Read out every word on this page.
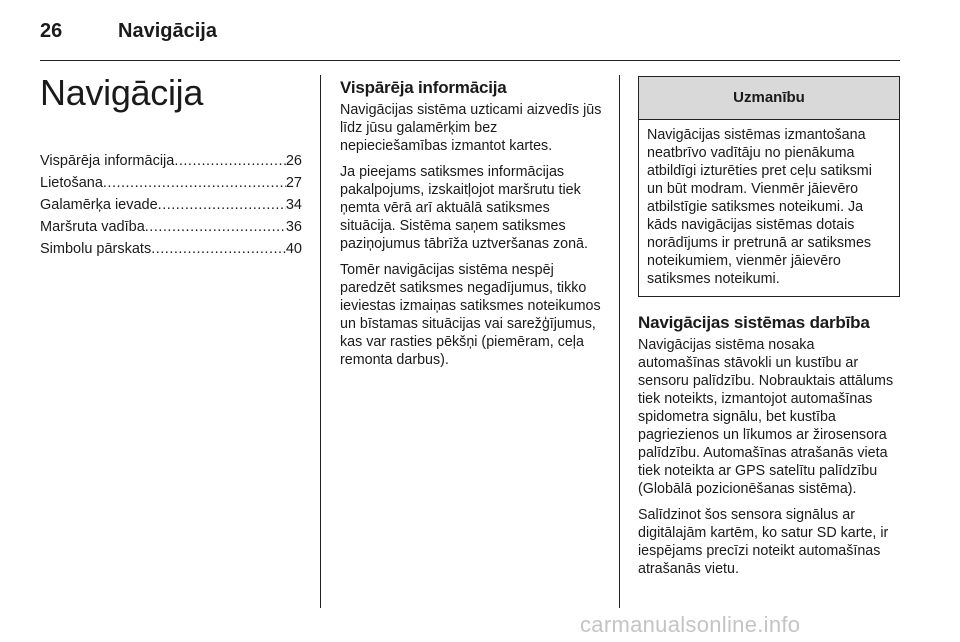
26	Navigācija
Navigācija
Vispārēja informācija .....	26
Lietošana .....	27
Galamērķa ievade .....	34
Maršruta vadība .....	36
Simbolu pārskats .....	40
Vispārēja informācija

Navigācijas sistēma uzticami aizvedīs jūs līdz jūsu galamērķim bez nepieciešamības izmantot kartes.

Ja pieejams satiksmes informācijas pakalpojums, izskaitļojot maršrutu tiek ņemta vērā arī aktuālā satiksmes situācija. Sistēma saņem satiksmes paziņojumus tābrīža uztveršanas zonā.

Tomēr navigācijas sistēma nespēj paredzēt satiksmes negadījumus, tikko ieviestas izmaiņas satiksmes noteikumos un bīstamas situācijas vai sarežģījumus, kas var rasties pēkšņi (piemēram, ceļa remonta darbus).

Uzmanību

Navigācijas sistēmas izmantošana neatbrīvo vadītāju no pienākuma atbildīgi izturēties pret ceļu satiksmi un būt modram. Vienmēr jāievēro atbilstīgie satiksmes noteikumi. Ja kāds navigācijas sistēmas dotais norādījums ir pretrunā ar satiksmes noteikumiem, vienmēr jāievēro satiksmes noteikumi.

Navigācijas sistēmas darbība

Navigācijas sistēma nosaka automašīnas stāvokli un kustību ar sensoru palīdzību. Nobrauktais attālums tiek noteikts, izmantojot automašīnas spidometra signālu, bet kustība pagriezienos un līkumos ar žirosensora palīdzību. Automašīnas atrašanās vieta tiek noteikta ar GPS satelītu palīdzību (Globālā pozicionēšanas sistēma).

Salīdzinot šos sensora signālus ar digitālajām kartēm, ko satur SD karte, ir iespējams precīzi noteikt automašīnas atrašanās vietu.

carmanualsonline.info
